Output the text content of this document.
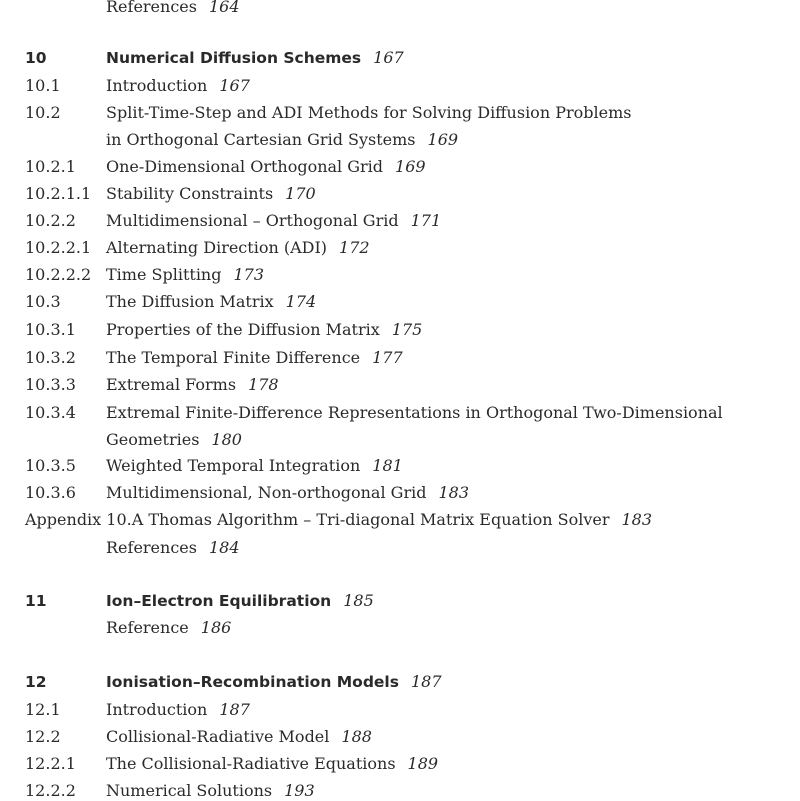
References 164
10	Numerical Diffusion Schemes 167
10.1	Introduction 167
10.2	Split-Time-Step and ADI Methods for Solving Diffusion Problems
in Orthogonal Cartesian Grid Systems 169
10.2.1 One-Dimensional Orthogonal Grid 169
10.2.1.1 Stability Constraints 170
10.2.2 Multidimensional – Orthogonal Grid 171
10.2.2.1 Alternating Direction (ADI) 172
10.2.2.2 Time Splitting 173
10.3	The Diffusion Matrix 174
10.3.1 Properties of the Diffusion Matrix 175
10.3.2 The Temporal Finite Difference 177
10.3.3 Extremal Forms 178
10.3.4 Extremal Finite-Difference Representations in Orthogonal Two-Dimensional
Geometries 180
10.3.5 Weighted Temporal Integration 181
10.3.6 Multidimensional, Non-orthogonal Grid 183
Appendix 10.A Thomas Algorithm – Tri-diagonal Matrix Equation Solver 183
References 184
11	Ion–Electron Equilibration 185
Reference 186
12	Ionisation–Recombination Models 187
12.1	Introduction 187
12.2	Collisional-Radiative Model 188
12.2.1 The Collisional-Radiative Equations 189
12.2.2 Numerical Solutions 193
